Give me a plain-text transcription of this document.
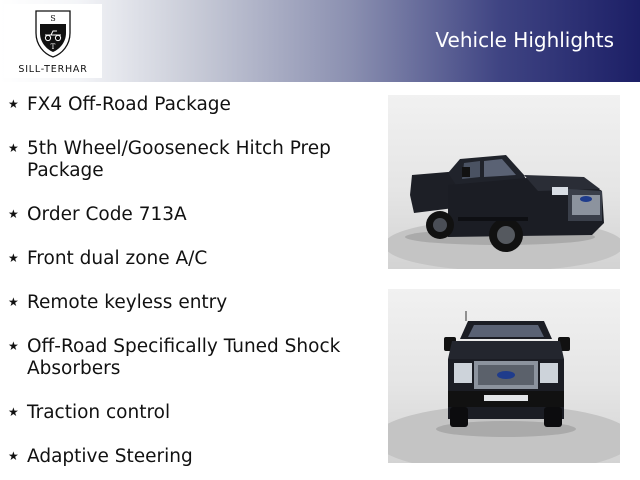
S
T
SILL-TERHAR
Vehicle Highlights
★ FX4 Off-Road Package
★ 5th Wheel/Gooseneck Hitch Prep Package
★ Order Code 713A
★ Front dual zone A/C
★ Remote keyless entry
★ Off-Road Specifically Tuned Shock Absorbers
★ Traction control
★ Adaptive Steering
